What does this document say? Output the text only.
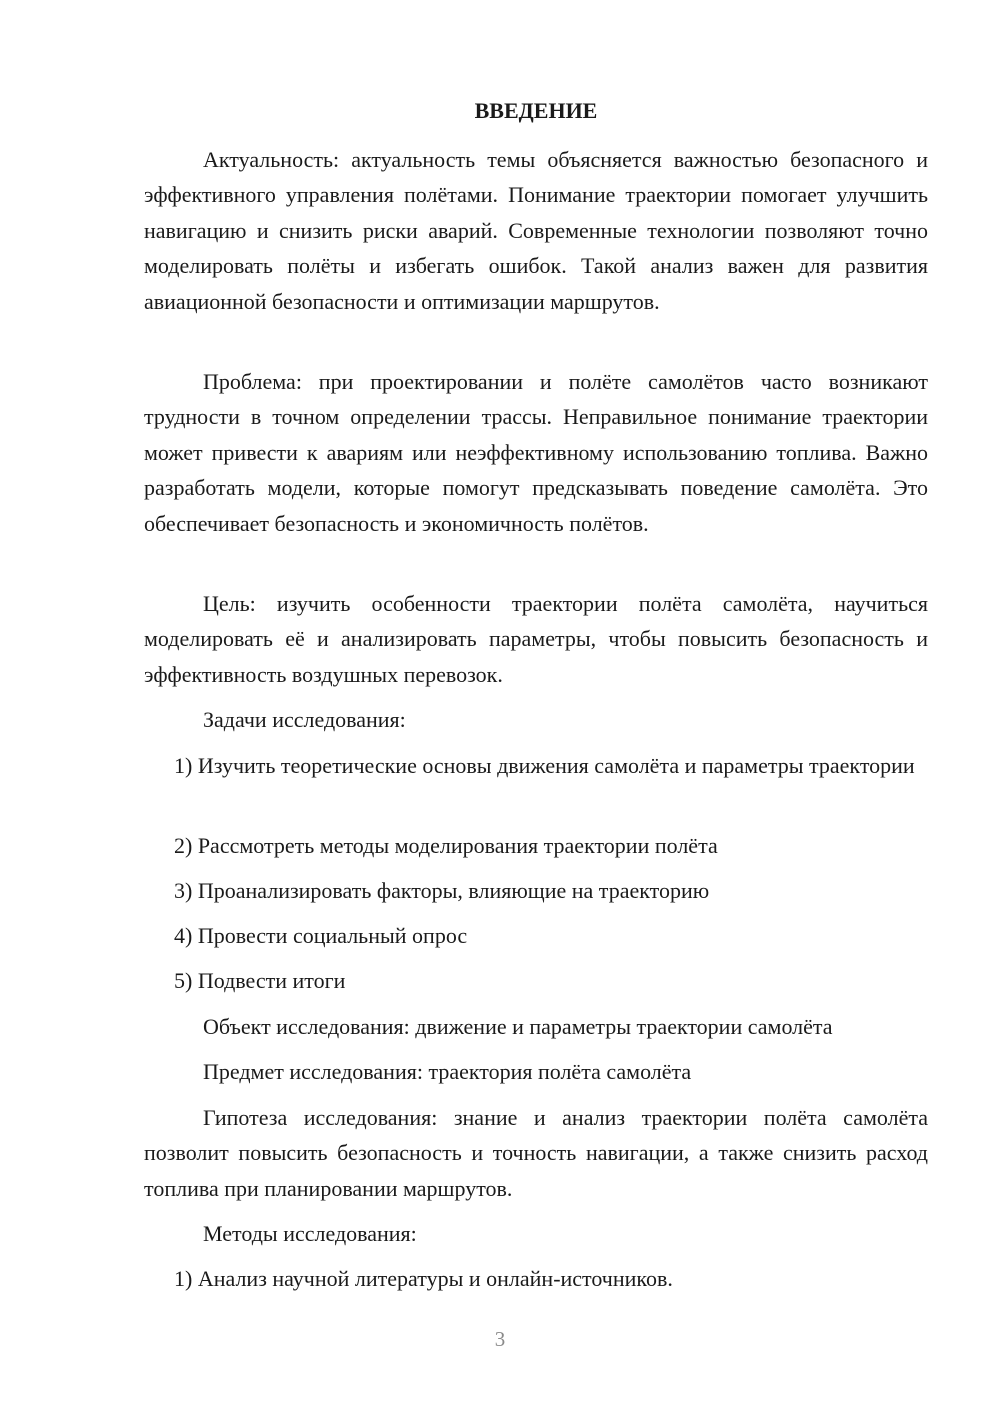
ВВЕДЕНИЕ

Актуальность: актуальность темы объясняется важностью безопасного и эффективного управления полётами. Понимание траектории помогает улучшить навигацию и снизить риски аварий. Современные технологии позволяют точно моделировать полёты и избегать ошибок. Такой анализ важен для развития авиационной безопасности и оптимизации маршрутов.

Проблема: при проектировании и полёте самолётов часто возникают трудности в точном определении трассы. Неправильное понимание траектории может привести к авариям или неэффективному использованию топлива. Важно разработать модели, которые помогут предсказывать поведение самолёта. Это обеспечивает безопасность и экономичность полётов.

Цель: изучить особенности траектории полёта самолёта, научиться моделировать её и анализировать параметры, чтобы повысить безопасность и эффективность воздушных перевозок.

Задачи исследования:

1) Изучить теоретические основы движения самолёта и параметры траектории

2) Рассмотреть методы моделирования траектории полёта

3) Проанализировать факторы, влияющие на траекторию

4) Провести социальный опрос

5) Подвести итоги

Объект исследования: движение и параметры траектории самолёта

Предмет исследования: траектория полёта самолёта

Гипотеза исследования: знание и анализ траектории полёта самолёта позволит повысить безопасность и точность навигации, а также снизить расход топлива при планировании маршрутов.

Методы исследования:

1) Анализ научной литературы и онлайн-источников.

3
